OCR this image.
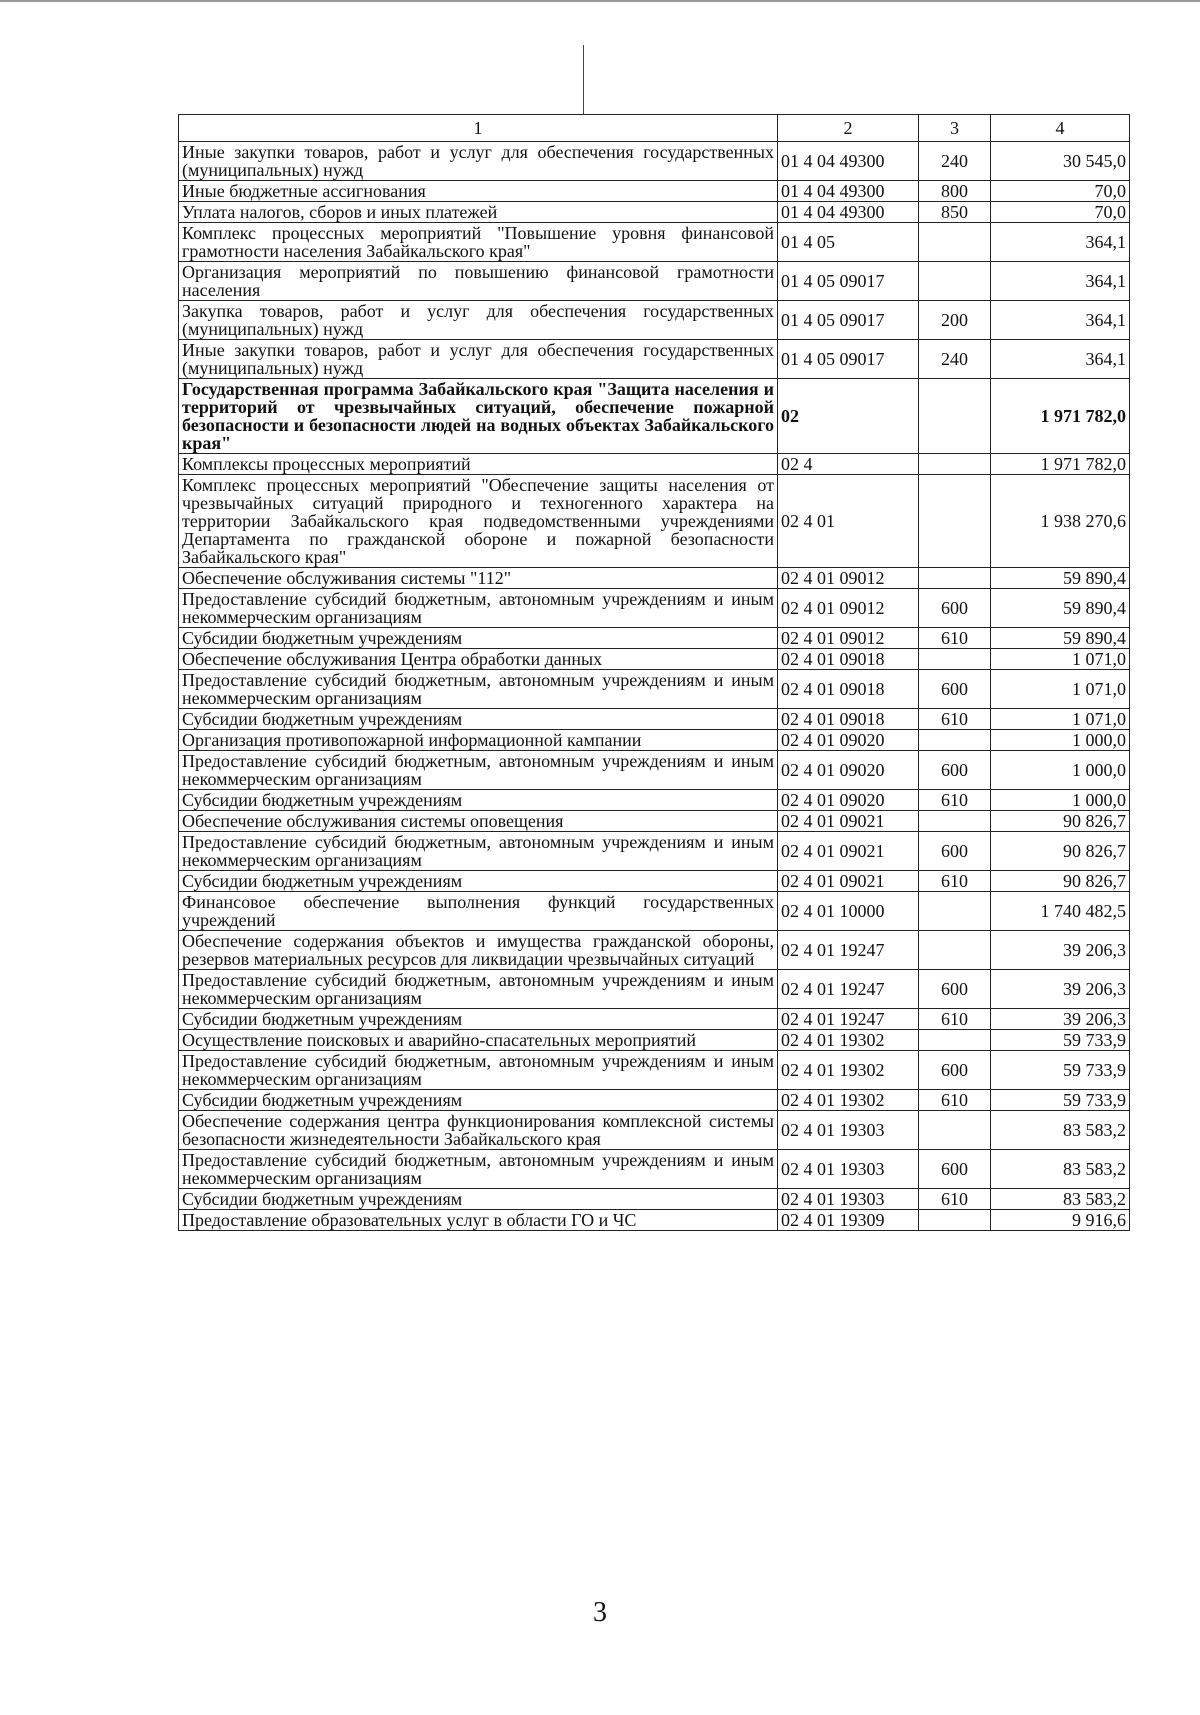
1	2	3	4
Иные закупки товаров, работ и услуг для обеспечения государственных (муниципальных) нужд	01 4 04 49300	240	30 545,0
Иные бюджетные ассигнования	01 4 04 49300	800	70,0
Уплата налогов, сборов и иных платежей	01 4 04 49300	850	70,0
Комплекс процессных мероприятий "Повышение уровня финансовой грамотности населения Забайкальского края"	01 4 05		364,1
Организация мероприятий по повышению финансовой грамотности населения	01 4 05 09017		364,1
Закупка товаров, работ и услуг для обеспечения государственных (муниципальных) нужд	01 4 05 09017	200	364,1
Иные закупки товаров, работ и услуг для обеспечения государственных (муниципальных) нужд	01 4 05 09017	240	364,1
Государственная программа Забайкальского края "Защита населения и территорий от чрезвычайных ситуаций, обеспечение пожарной безопасности и безопасности людей на водных объектах Забайкальского края"	02		1 971 782,0
Комплексы процессных мероприятий	02 4		1 971 782,0
Комплекс процессных мероприятий "Обеспечение защиты населения от чрезвычайных ситуаций природного и техногенного характера на территории Забайкальского края подведомственными учреждениями Департамента по гражданской обороне и пожарной безопасности Забайкальского края"	02 4 01		1 938 270,6
Обеспечение обслуживания системы "112"	02 4 01 09012		59 890,4
Предоставление субсидий бюджетным, автономным учреждениям и иным некоммерческим организациям	02 4 01 09012	600	59 890,4
Субсидии бюджетным учреждениям	02 4 01 09012	610	59 890,4
Обеспечение обслуживания Центра обработки данных	02 4 01 09018		1 071,0
Предоставление субсидий бюджетным, автономным учреждениям и иным некоммерческим организациям	02 4 01 09018	600	1 071,0
Субсидии бюджетным учреждениям	02 4 01 09018	610	1 071,0
Организация противопожарной информационной кампании	02 4 01 09020		1 000,0
Предоставление субсидий бюджетным, автономным учреждениям и иным некоммерческим организациям	02 4 01 09020	600	1 000,0
Субсидии бюджетным учреждениям	02 4 01 09020	610	1 000,0
Обеспечение обслуживания системы оповещения	02 4 01 09021		90 826,7
Предоставление субсидий бюджетным, автономным учреждениям и иным некоммерческим организациям	02 4 01 09021	600	90 826,7
Субсидии бюджетным учреждениям	02 4 01 09021	610	90 826,7
Финансовое обеспечение выполнения функций государственных учреждений	02 4 01 10000		1 740 482,5
Обеспечение содержания объектов и имущества гражданской обороны, резервов материальных ресурсов для ликвидации чрезвычайных ситуаций	02 4 01 19247		39 206,3
Предоставление субсидий бюджетным, автономным учреждениям и иным некоммерческим организациям	02 4 01 19247	600	39 206,3
Субсидии бюджетным учреждениям	02 4 01 19247	610	39 206,3
Осуществление поисковых и аварийно-спасательных мероприятий	02 4 01 19302		59 733,9
Предоставление субсидий бюджетным, автономным учреждениям и иным некоммерческим организациям	02 4 01 19302	600	59 733,9
Субсидии бюджетным учреждениям	02 4 01 19302	610	59 733,9
Обеспечение содержания центра функционирования комплексной системы безопасности жизнедеятельности Забайкальского края	02 4 01 19303		83 583,2
Предоставление субсидий бюджетным, автономным учреждениям и иным некоммерческим организациям	02 4 01 19303	600	83 583,2
Субсидии бюджетным учреждениям	02 4 01 19303	610	83 583,2
Предоставление образовательных услуг в области ГО и ЧС	02 4 01 19309		9 916,6
3
